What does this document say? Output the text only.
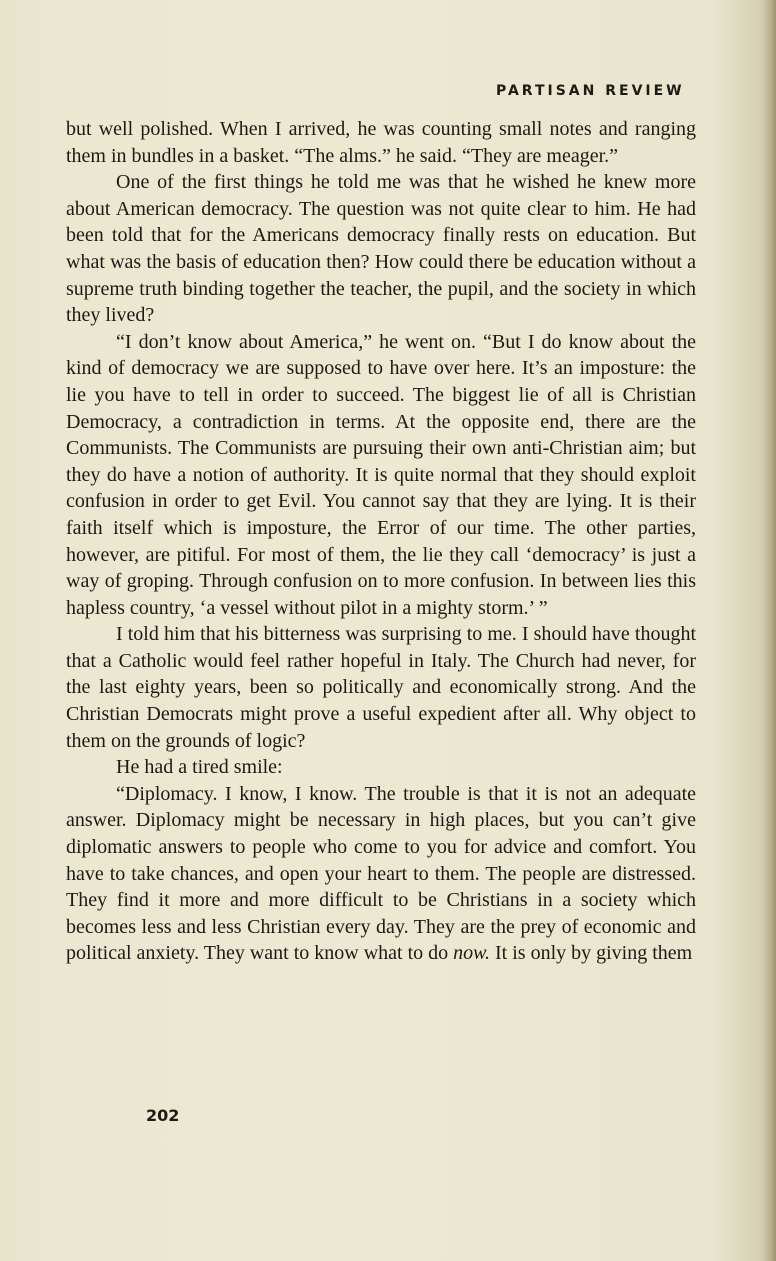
PARTISAN REVIEW

but well polished. When I arrived, he was counting small notes and ranging them in bundles in a basket. “The alms.” he said. “They are meager.”

One of the first things he told me was that he wished he knew more about American democracy. The question was not quite clear to him. He had been told that for the Americans democracy finally rests on education. But what was the basis of education then? How could there be education without a supreme truth binding together the teacher, the pupil, and the society in which they lived?

“I don’t know about America,” he went on. “But I do know about the kind of democracy we are supposed to have over here. It’s an imposture: the lie you have to tell in order to succeed. The biggest lie of all is Christian Democracy, a contradiction in terms. At the opposite end, there are the Communists. The Communists are pursuing their own anti-Christian aim; but they do have a notion of authority. It is quite normal that they should exploit confusion in order to get Evil. You cannot say that they are lying. It is their faith itself which is imposture, the Error of our time. The other parties, however, are pitiful. For most of them, the lie they call ‘democracy’ is just a way of groping. Through confusion on to more confusion. In between lies this hapless country, ‘a vessel without pilot in a mighty storm.’ ”

I told him that his bitterness was surprising to me. I should have thought that a Catholic would feel rather hopeful in Italy. The Church had never, for the last eighty years, been so politically and economically strong. And the Christian Democrats might prove a useful expedient after all. Why object to them on the grounds of logic?

He had a tired smile:

“Diplomacy. I know, I know. The trouble is that it is not an adequate answer. Diplomacy might be necessary in high places, but you can’t give diplomatic answers to people who come to you for advice and comfort. You have to take chances, and open your heart to them. The people are distressed. They find it more and more difficult to be Christians in a society which becomes less and less Christian every day. They are the prey of economic and political anxiety. They want to know what to do now. It is only by giving them

202
